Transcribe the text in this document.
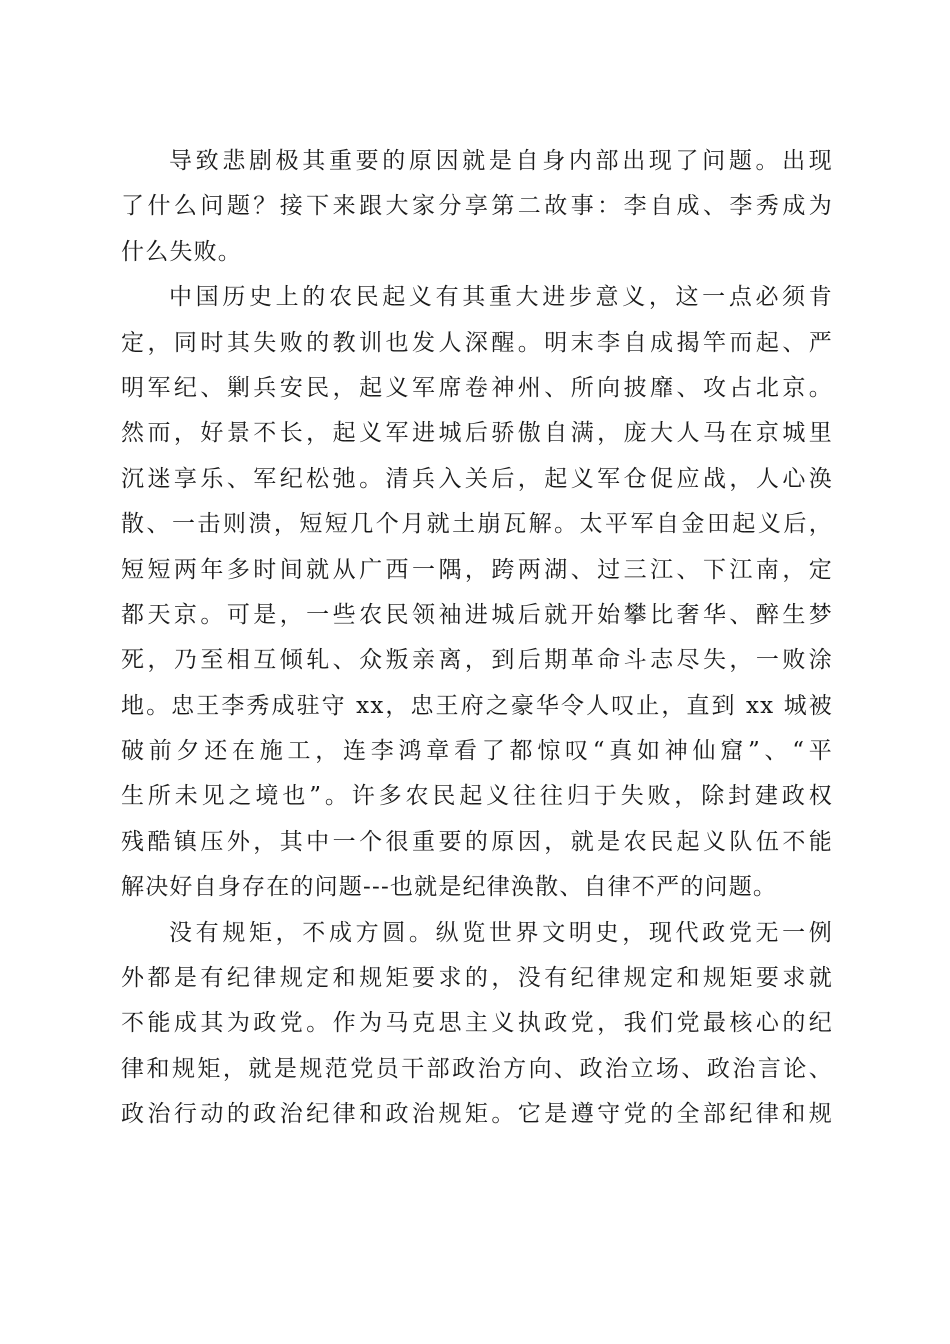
导致悲剧极其重要的原因就是自身内部出现了问题。出现
了什么问题？接下来跟大家分享第二故事：李自成、李秀成为
什么失败。
中国历史上的农民起义有其重大进步意义，这一点必须肯
定，同时其失败的教训也发人深醒。明末李自成揭竿而起、严
明军纪、剿兵安民，起义军席卷神州、所向披靡、攻占北京。
然而，好景不长，起义军进城后骄傲自满，庞大人马在京城里
沉迷享乐、军纪松弛。清兵入关后，起义军仓促应战，人心涣
散、一击则溃，短短几个月就土崩瓦解。太平军自金田起义后，
短短两年多时间就从广西一隅，跨两湖、过三江、下江南，定
都天京。可是，一些农民领袖进城后就开始攀比奢华、醉生梦
死，乃至相互倾轧、众叛亲离，到后期革命斗志尽失，一败涂
地。忠王李秀成驻守 xx，忠王府之豪华令人叹止，直到 xx 城被
破前夕还在施工，连李鸿章看了都惊叹“真如神仙窟”、“平
生所未见之境也”。许多农民起义往往归于失败，除封建政权
残酷镇压外，其中一个很重要的原因，就是农民起义队伍不能
解决好自身存在的问题---也就是纪律涣散、自律不严的问题。
没有规矩，不成方圆。纵览世界文明史，现代政党无一例
外都是有纪律规定和规矩要求的，没有纪律规定和规矩要求就
不能成其为政党。作为马克思主义执政党，我们党最核心的纪
律和规矩，就是规范党员干部政治方向、政治立场、政治言论、
政治行动的政治纪律和政治规矩。它是遵守党的全部纪律和规
